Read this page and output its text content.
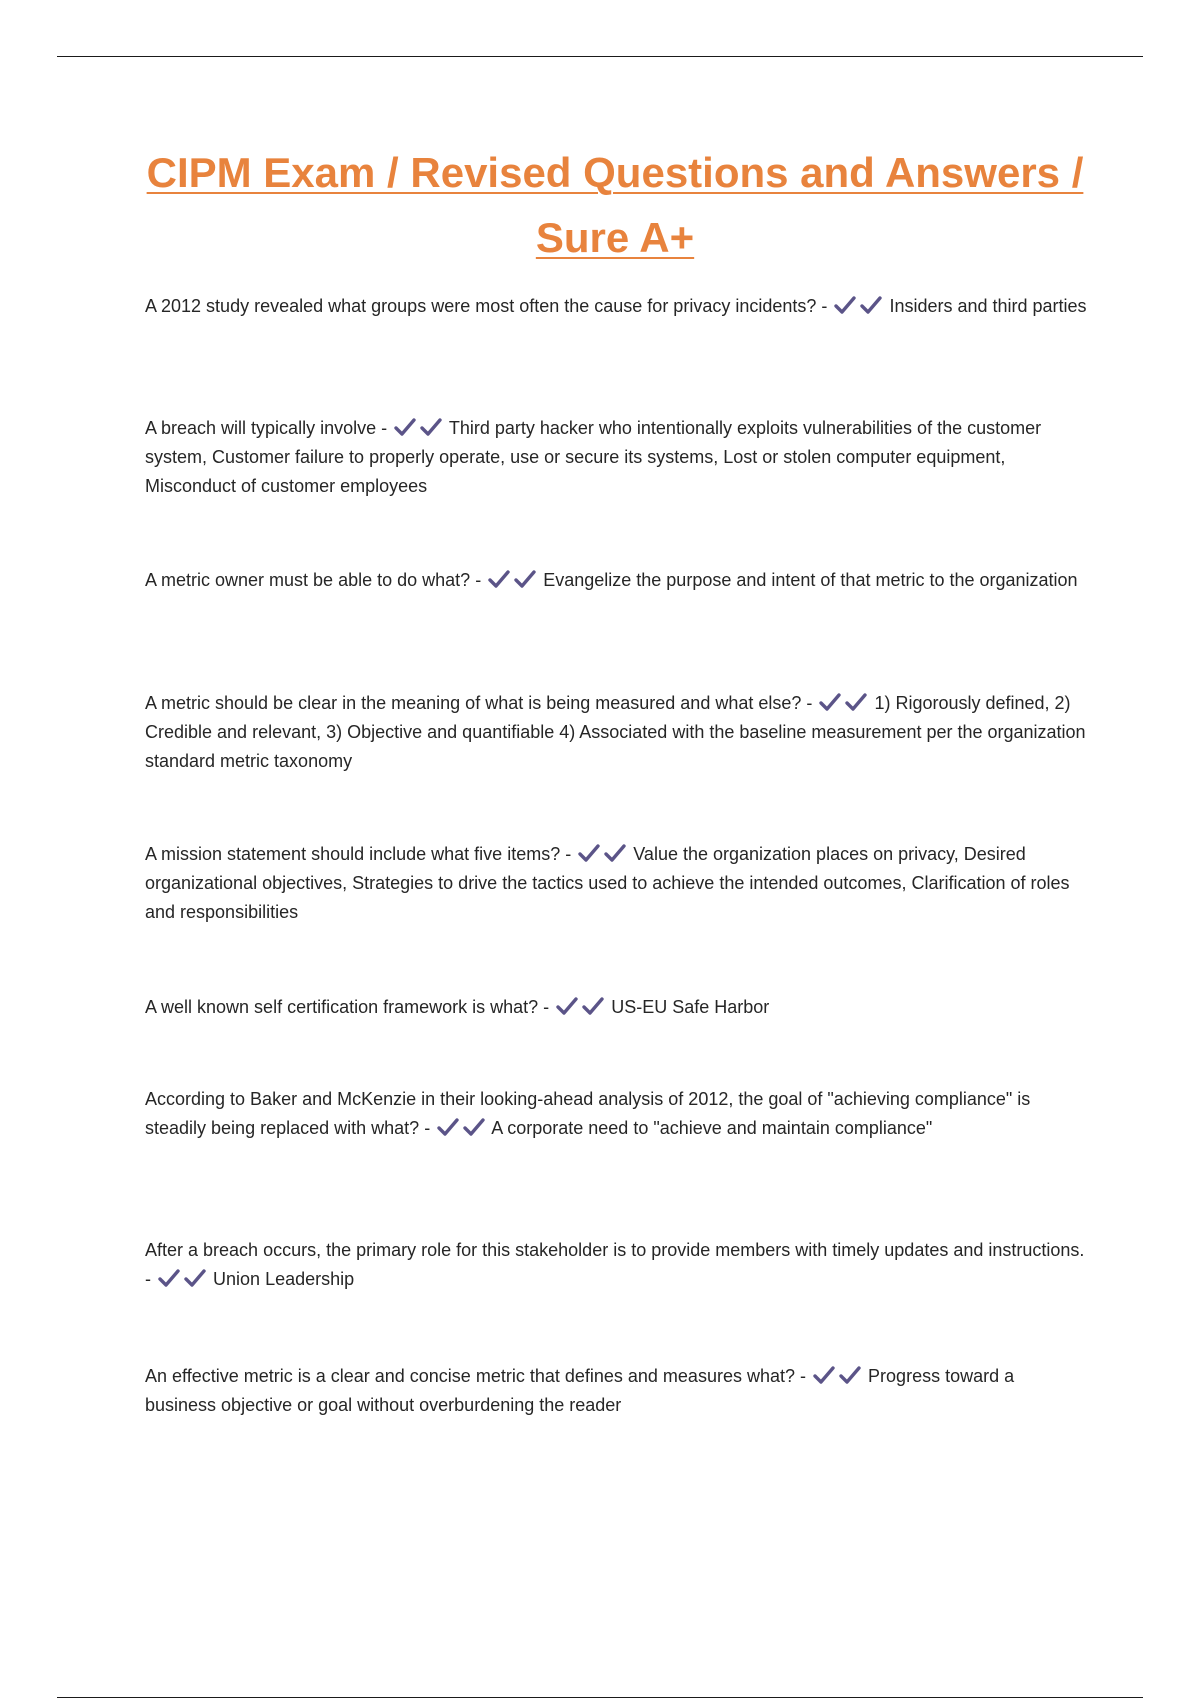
CIPM Exam / Revised Questions and Answers / Sure A+

A 2012 study revealed what groups were most often the cause for privacy incidents? -	Insiders and third parties

A breach will typically involve -	Third party hacker who intentionally exploits vulnerabilities of the customer system, Customer failure to properly operate, use or secure its systems, Lost or stolen computer equipment, Misconduct of customer employees

A metric owner must be able to do what? -	Evangelize the purpose and intent of that metric to the organization

A metric should be clear in the meaning of what is being measured and what else? -	1) Rigorously defined, 2) Credible and relevant, 3) Objective and quantifiable 4) Associated with the baseline measurement per the organization standard metric taxonomy

A mission statement should include what five items? -	Value the organization places on privacy, Desired organizational objectives, Strategies to drive the tactics used to achieve the intended outcomes, Clarification of roles and responsibilities

A well known self certification framework is what? -	US-EU Safe Harbor

According to Baker and McKenzie in their looking-ahead analysis of 2012, the goal of "achieving compliance" is steadily being replaced with what? -	A corporate need to "achieve and maintain compliance"

After a breach occurs, the primary role for this stakeholder is to provide members with timely updates and instructions. -	Union Leadership

An effective metric is a clear and concise metric that defines and measures what? -	Progress toward a business objective or goal without overburdening the reader
